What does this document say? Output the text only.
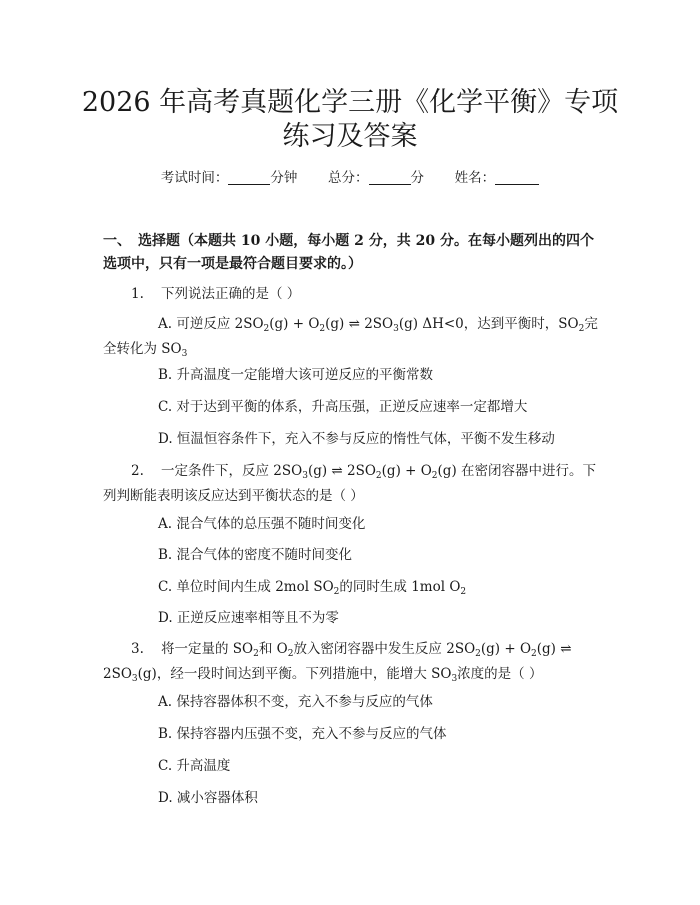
2026 年高考真题化学三册《化学平衡》专项
练习及答案
考试时间：	分钟 总分：	分 姓名：
一、 选择题（本题共 10 小题，每小题 2 分，共 20 分。在每小题列出的四个选项中，只有一项是最符合题目要求的。）
1. 下列说法正确的是（ ）
A. 可逆反应 $2SO_2(g) + O_2(g)$ ⇌ $2SO_3(g)$ ΔH<0，达到平衡时，$SO_2$完全转化为 $SO_3$
B. 升高温度一定能增大该可逆反应的平衡常数
C. 对于达到平衡的体系，升高压强，正逆反应速率一定都增大
D. 恒温恒容条件下，充入不参与反应的惰性气体，平衡不发生移动
2. 一定条件下，反应 $2SO_3(g)$ ⇌ $2SO_2(g) + O_2(g)$ 在密闭容器中进行。下列判断能表明该反应达到平衡状态的是（ ）
A. 混合气体的总压强不随时间变化
B. 混合气体的密度不随时间变化
C. 单位时间内生成 2mol $SO_2$的同时生成 1mol $O_2$
D. 正逆反应速率相等且不为零
3. 将一定量的 $SO_2$和 $O_2$放入密闭容器中发生反应 $2SO_2(g) + O_2(g)$ ⇌ $2SO_3(g)$，经一段时间达到平衡。下列措施中，能增大 $SO_3$浓度的是（ ）
A. 保持容器体积不变，充入不参与反应的气体
B. 保持容器内压强不变，充入不参与反应的气体
C. 升高温度
D. 减小容器体积
